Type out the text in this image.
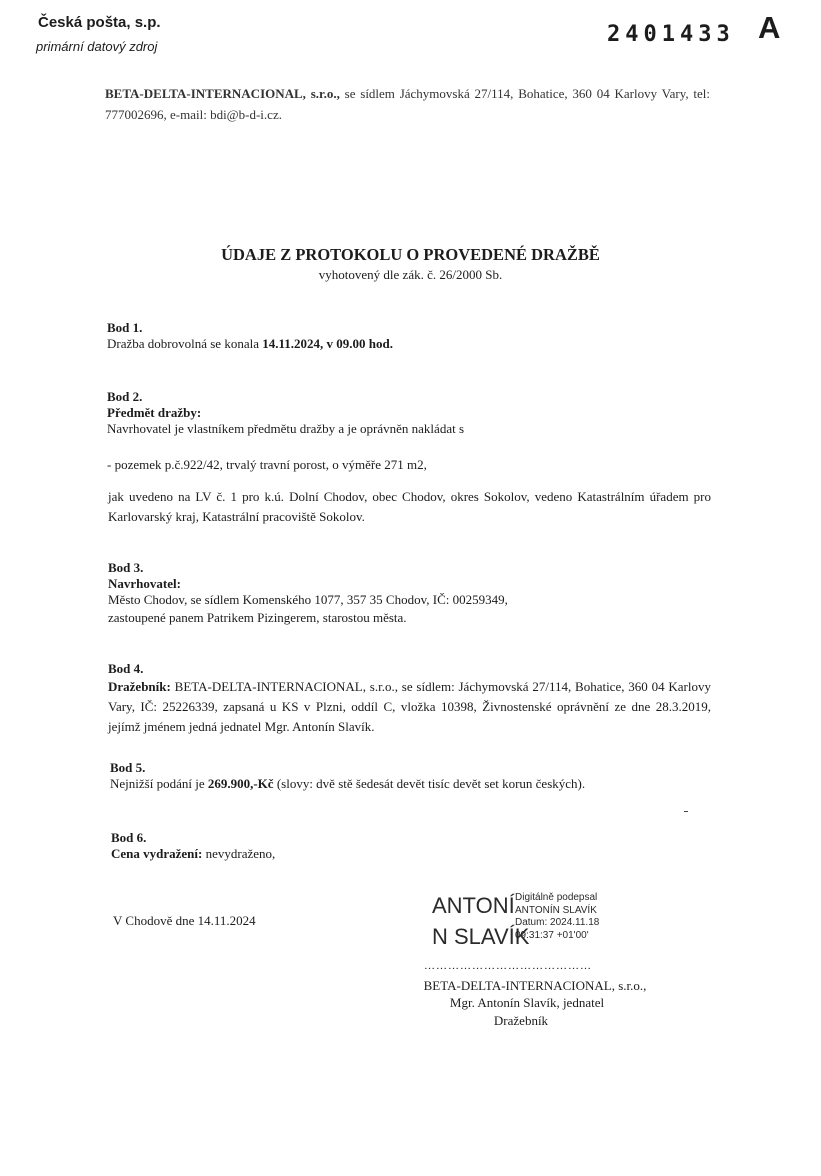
Česká pošta, s.p.
primární datový zdroj	2401433 A
BETA-DELTA-INTERNACIONAL, s.r.o., se sídlem Jáchymovská 27/114, Bohatice, 360 04 Karlovy Vary, tel: 777002696, e-mail: bdi@b-d-i.cz.
ÚDAJE Z PROTOKOLU O PROVEDENÉ DRAŽBĚ
vyhotovený dle zák. č. 26/2000 Sb.
Bod 1.
Dražba dobrovolná se konala 14.11.2024, v 09.00 hod.
Bod 2.
Předmět dražby:
Navrhovatel je vlastníkem předmětu dražby a je oprávněn nakládat s
- pozemek p.č.922/42, trvalý travní porost, o výměře 271 m2,
jak uvedeno na LV č. 1 pro k.ú. Dolní Chodov, obec Chodov, okres Sokolov, vedeno Katastrálním úřadem pro Karlovarský kraj, Katastrální pracoviště Sokolov.
Bod 3.
Navrhovatel:
Město Chodov, se sídlem Komenského 1077, 357 35 Chodov, IČ: 00259349,
zastoupené panem Patrikem Pizingerem, starostou města.
Bod 4.
Dražebník: BETA-DELTA-INTERNACIONAL, s.r.o., se sídlem: Jáchymovská 27/114, Bohatice, 360 04 Karlovy Vary, IČ: 25226339, zapsaná u KS v Plzni, oddíl C, vložka 10398, Živnostenské oprávnění ze dne 28.3.2019, jejímž jménem jedná jednatel Mgr. Antonín Slavík.
Bod 5.
Nejnižší podání je 269.900,-Kč (slovy: dvě stě šedesát devět tisíc devět set korun českých).
Bod 6.
Cena vydražení: nevydraženo,
V Chodově dne 14.11.2024
ANTONÍ
N SLAVÍK
Digitálně podepsal
ANTONÍN SLAVÍK
Datum: 2024.11.18
09:31:37 +01'00'
……………………………………
BETA-DELTA-INTERNACIONAL, s.r.o.,
Mgr. Antonín Slavík, jednatel
Dražebník
